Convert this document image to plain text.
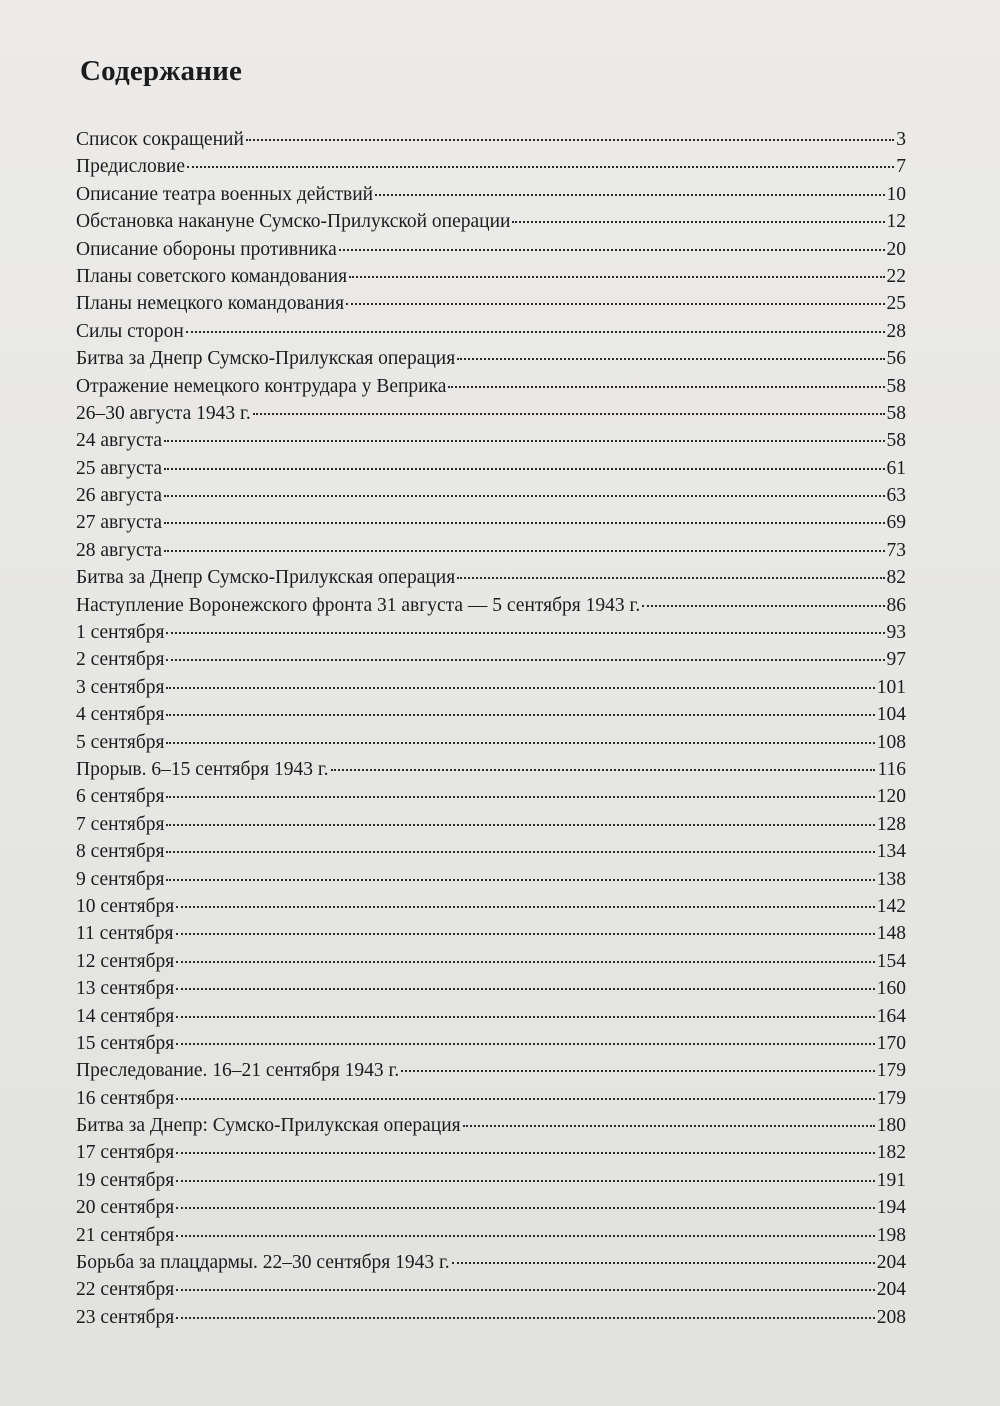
Содержание
Список сокращений	3
Предисловие	7
Описание театра военных действий	10
Обстановка накануне Сумско-Прилукской операции	12
Описание обороны противника	20
Планы советского командования	22
Планы немецкого командования	25
Силы сторон	28
Битва за Днепр Сумско-Прилукская операция	56
Отражение немецкого контрудара у Веприка	58
26–30 августа 1943 г.	58
24 августа	58
25 августа	61
26 августа	63
27 августа	69
28 августа	73
Битва за Днепр Сумско-Прилукская операция	82
Наступление Воронежского фронта 31 августа — 5 сентября 1943 г.	86
1 сентября	93
2 сентября	97
3 сентября	101
4 сентября	104
5 сентября	108
Прорыв. 6–15 сентября 1943 г.	116
6 сентября	120
7 сентября	128
8 сентября	134
9 сентября	138
10 сентября	142
11 сентября	148
12 сентября	154
13 сентября	160
14 сентября	164
15 сентября	170
Преследование. 16–21 сентября 1943 г.	179
16 сентября	179
Битва за Днепр: Сумско-Прилукская операция	180
17 сентября	182
19 сентября	191
20 сентября	194
21 сентября	198
Борьба за плацдармы. 22–30 сентября 1943 г.	204
22 сентября	204
23 сентября	208
